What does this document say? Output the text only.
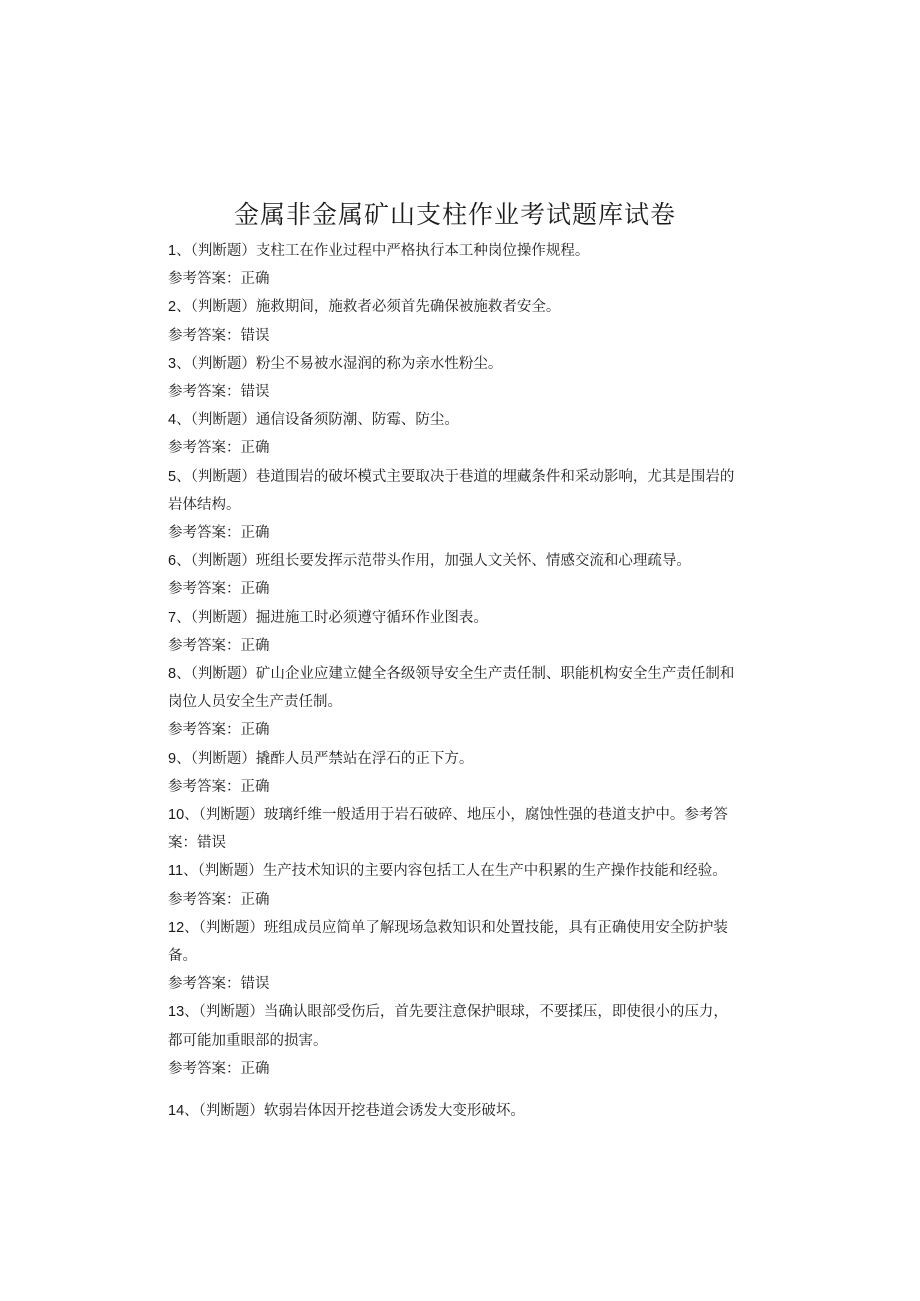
金属非金属矿山支柱作业考试题库试卷

1、（判断题）支柱工在作业过程中严格执行本工种岗位操作规程。

参考答案：正确

2、（判断题）施救期间，施救者必须首先确保被施救者安全。

参考答案：错误

3、（判断题）粉尘不易被水湿润的称为亲水性粉尘。

参考答案：错误

4、（判断题）通信设备须防潮、防霉、防尘。

参考答案：正确

5、（判断题）巷道围岩的破坏模式主要取决于巷道的埋藏条件和采动影响，尤其是围岩的岩体结构。

参考答案：正确

6、（判断题）班组长要发挥示范带头作用，加强人文关怀、情感交流和心理疏导。

参考答案：正确

7、（判断题）掘进施工时必须遵守循环作业图表。

参考答案：正确

8、（判断题）矿山企业应建立健全各级领导安全生产责任制、职能机构安全生产责任制和岗位人员安全生产责任制。

参考答案：正确

9、（判断题）撬酢人员严禁站在浮石的正下方。

参考答案：正确

10、（判断题）玻璃纤维一般适用于岩石破碎、地压小，腐蚀性强的巷道支护中。参考答案：错误

11、（判断题）生产技术知识的主要内容包括工人在生产中积累的生产操作技能和经验。

参考答案：正确

12、（判断题）班组成员应简单了解现场急救知识和处置技能，具有正确使用安全防护装备。

参考答案：错误

13、（判断题）当确认眼部受伤后，首先要注意保护眼球，不要揉压，即使很小的压力，都可能加重眼部的损害。

参考答案：正确

14、（判断题）软弱岩体因开挖巷道会诱发大变形破坏。
